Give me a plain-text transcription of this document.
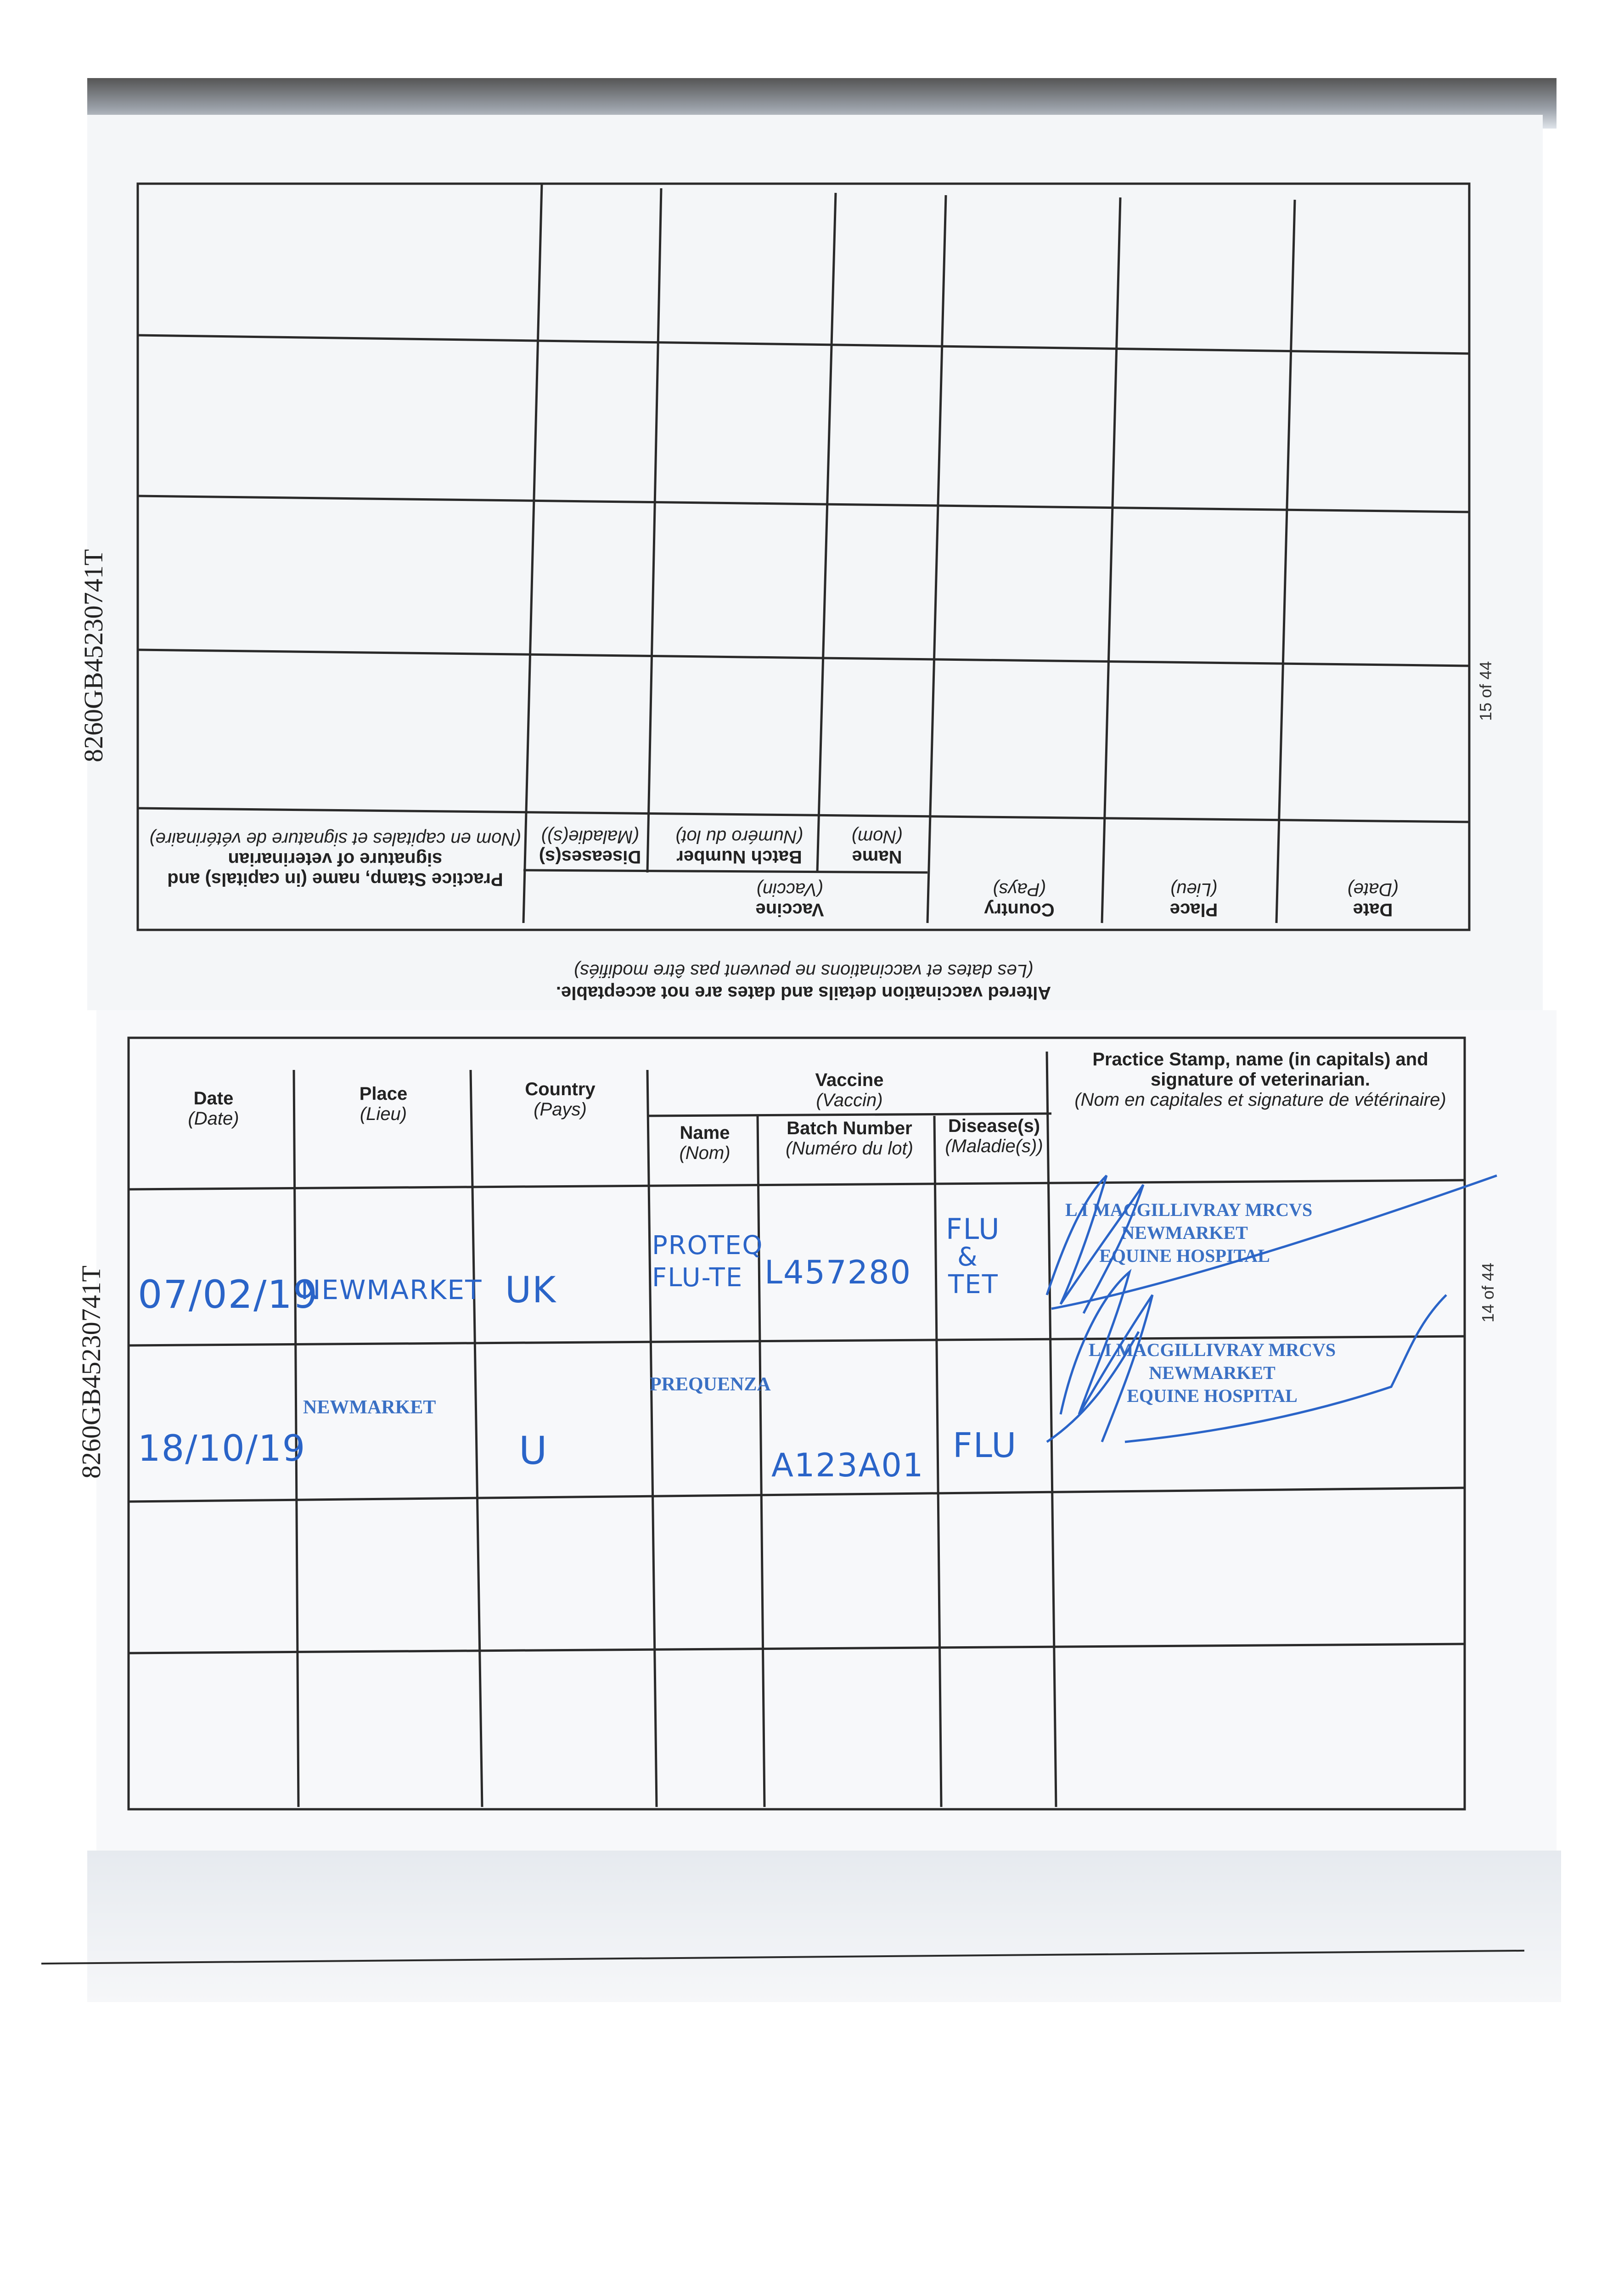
8260GB45230741T
8260GB45230741T
15 of 44
14 of 44
Altered vaccination details and dates are not acceptable.
(Les dates et vaccinations ne peuvent pas être modifiés)
Practice Stamp, name (in capitals) and signature of veterinarian
(Nom en capitales et signature de vétérinaire)
Diseases(s)
(Maladie(s))
Batch Number
(Numéro du lot)
Name
(Nom)
Vaccine
(Vaccin)
Country
(Pays)
Place
(Lieu)
Date
(Date)
Date
(Date)
Place
(Lieu)
Country
(Pays)
Vaccine
(Vaccin)
Name
(Nom)
Batch Number
(Numéro du lot)
Disease(s)
(Maladie(s))
Practice Stamp, name (in capitals) and signature of veterinarian.
(Nom en capitales et signature de vétérinaire)
07/02/19
NEWMARKET UK
PROTEQ
FLU-TE L457280
FLU
&
TET
L I MACGILLIVRAY MRCVS
NEWMARKET
EQUINE HOSPITAL
18/10/19
NEWMARKET
U
PREQUENZA
A123A01 FLU
L I MACGILLIVRAY MRCVS
NEWMARKET
EQUINE HOSPITAL
